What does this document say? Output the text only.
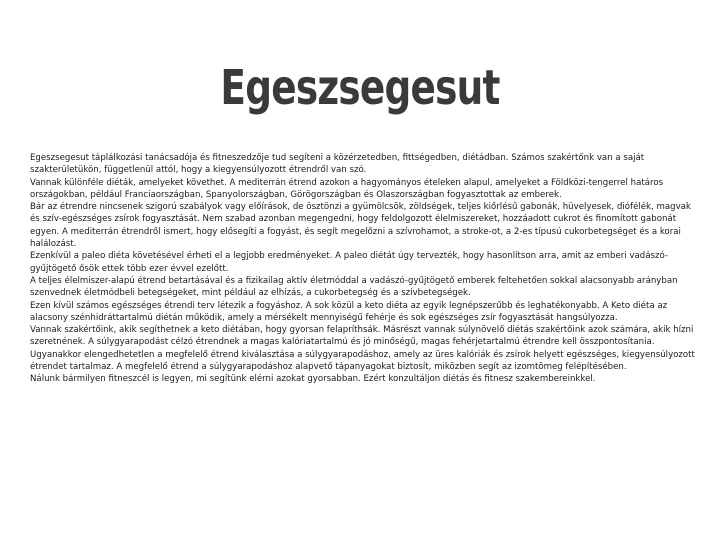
Egeszsegesut

Egeszsegesut táplálkozási tanácsadója és fitneszedzője tud segíteni a közérzetedben, fittségedben, diétádban. Számos szakértőnk van a saját szakterületükön, függetlenül attól, hogy a kiegyensúlyozott étrendről van szó.

Vannak különféle diéták, amelyeket követhet. A mediterrán étrend azokon a hagyományos ételeken alapul, amelyeket a Földközi-tengerrel határos országokban, például Franciaországban, Spanyolországban, Görögországban és Olaszországban fogyasztottak az emberek.

Bár az étrendre nincsenek szigorú szabályok vagy előírások, de ösztönzi a gyümölcsök, zöldségek, teljes kiőrlésű gabonák, hüvelyesek, diófélék, magvak és szív-egészséges zsírok fogyasztását. Nem szabad azonban megengedni, hogy feldolgozott élelmiszereket, hozzáadott cukrot és finomított gabonát egyen. A mediterrán étrendről ismert, hogy elősegíti a fogyást, és segít megelőzni a szívrohamot, a stroke-ot, a 2-es típusú cukorbetegséget és a korai halálozást.

Ezenkívül a paleo diéta követésével érheti el a legjobb eredményeket. A paleo diétát úgy tervezték, hogy hasonlítson arra, amit az emberi vadászó-gyűjtögető ősök ettek több ezer évvel ezelőtt.

A teljes élelmiszer-alapú étrend betartásával és a fizikailag aktív életmóddal a vadászó-gyűjtögető emberek feltehetően sokkal alacsonyabb arányban szenvednek életmódbeli betegségeket, mint például az elhízás, a cukorbetegség és a szívbetegségek.

Ezen kívül számos egészséges étrendi terv létezik a fogyáshoz. A sok közül a keto diéta az egyik legnépszerűbb és leghatékonyabb. A Keto diéta az alacsony szénhidráttartalmú diétán működik, amely a mérsékelt mennyiségű fehérje és sok egészséges zsír fogyasztását hangsúlyozza.

Vannak szakértőink, akik segíthetnek a keto diétában, hogy gyorsan felapríthsák. Másrészt vannak súlynövelő diétás szakértőink azok számára, akik hízni szeretnének. A súlygyarapodást célzó étrendnek a magas kalóriatartalmú és jó minőségű, magas fehérjetartalmú étrendre kell összpontosítania. Ugyanakkor elengedhetetlen a megfelelő étrend kiválasztása a súlygyarapodáshoz, amely az üres kalóriák és zsírok helyett egészséges, kiegyensúlyozott étrendet tartalmaz. A megfelelő étrend a súlygyarapodáshoz alapvető tápanyagokat biztosít, miközben segít az izomtömeg felépítésében.

Nálunk bármilyen fitneszcél is legyen, mi segítünk elérni azokat gyorsabban. Ezért konzultáljon diétás és fitnesz szakembereinkkel.
